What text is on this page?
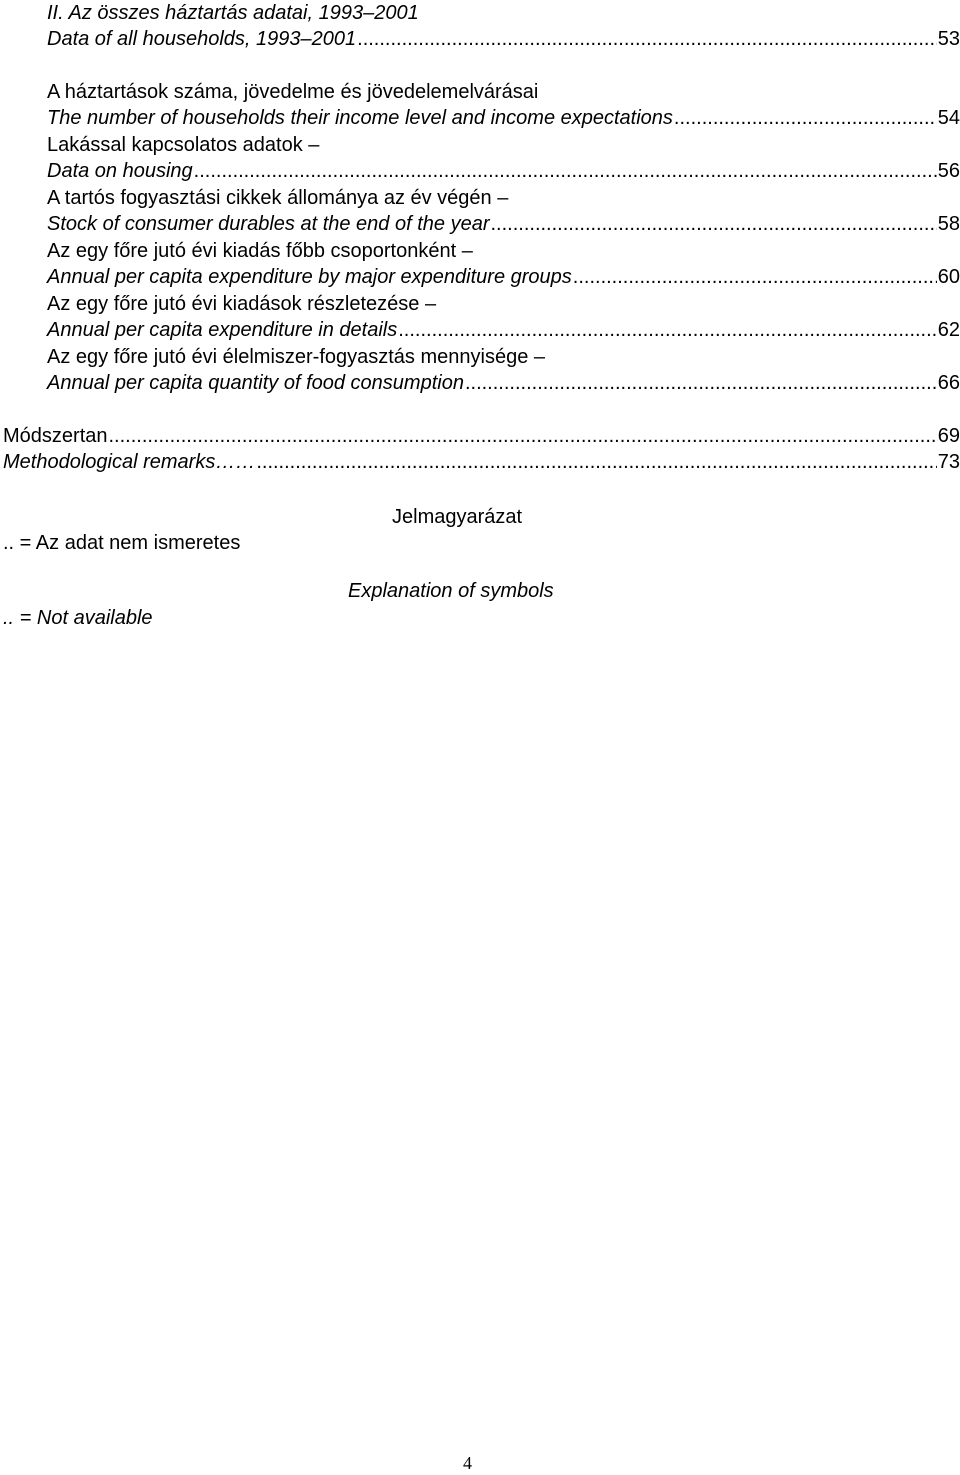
II. Az összes háztartás adatai, 1993–2001
Data of all households, 1993–2001 .....	53
A háztartások száma, jövedelme és jövedelemelvárásai
The number of households their income level and income expectations .....	54
Lakással kapcsolatos adatok –
Data on housing .....	56
A tartós fogyasztási cikkek állománya az év végén –
Stock of consumer durables at the end of the year .....	58
Az egy főre jutó évi kiadás főbb csoportonként –
Annual per capita expenditure by major expenditure groups .....	60
Az egy főre jutó évi kiadások részletezése –
Annual per capita expenditure in details .....	62
Az egy főre jutó évi élelmiszer-fogyasztás mennyisége –
Annual per capita quantity of food consumption .....	66
Módszertan .....	69
Methodological remarks…… .....	73
Jelmagyarázat
.. = Az adat nem ismeretes
Explanation of symbols
.. = Not available
4
